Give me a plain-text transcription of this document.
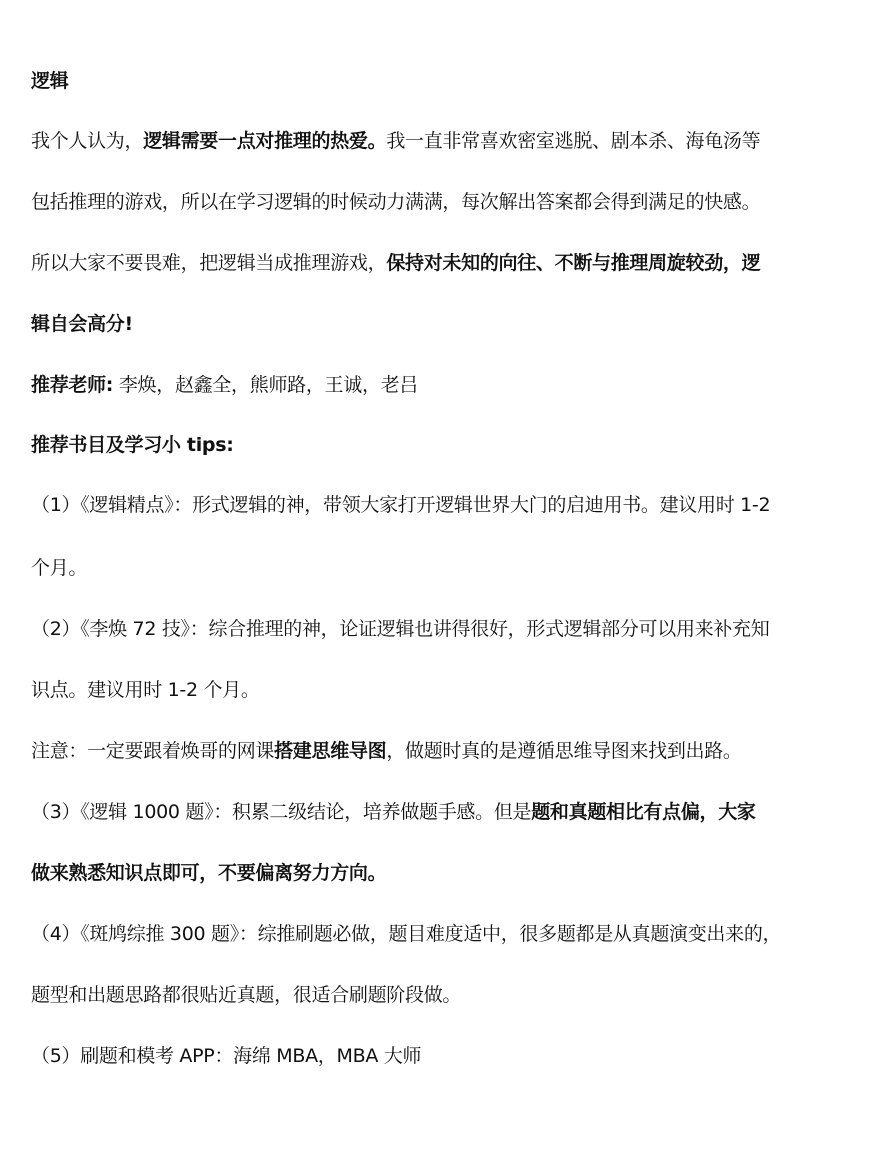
逻辑
我个人认为，逻辑需要一点对推理的热爱。我一直非常喜欢密室逃脱、剧本杀、海龟汤等
包括推理的游戏，所以在学习逻辑的时候动力满满，每次解出答案都会得到满足的快感。
所以大家不要畏难，把逻辑当成推理游戏，保持对未知的向往、不断与推理周旋较劲，逻
辑自会高分!
推荐老师: 李焕，赵鑫全，熊师路，王诚，老吕
推荐书目及学习小 tips:
（1）《逻辑精点》：形式逻辑的神，带领大家打开逻辑世界大门的启迪用书。建议用时 1-2
个月。
（2）《李焕 72 技》：综合推理的神，论证逻辑也讲得很好，形式逻辑部分可以用来补充知
识点。建议用时 1-2 个月。
注意：一定要跟着焕哥的网课搭建思维导图，做题时真的是遵循思维导图来找到出路。
（3）《逻辑 1000 题》：积累二级结论，培养做题手感。但是题和真题相比有点偏，大家
做来熟悉知识点即可，不要偏离努力方向。
（4）《斑鸠综推 300 题》：综推刷题必做，题目难度适中，很多题都是从真题演变出来的，
题型和出题思路都很贴近真题，很适合刷题阶段做。
（5）刷题和模考 APP：海绵 MBA，MBA 大师
